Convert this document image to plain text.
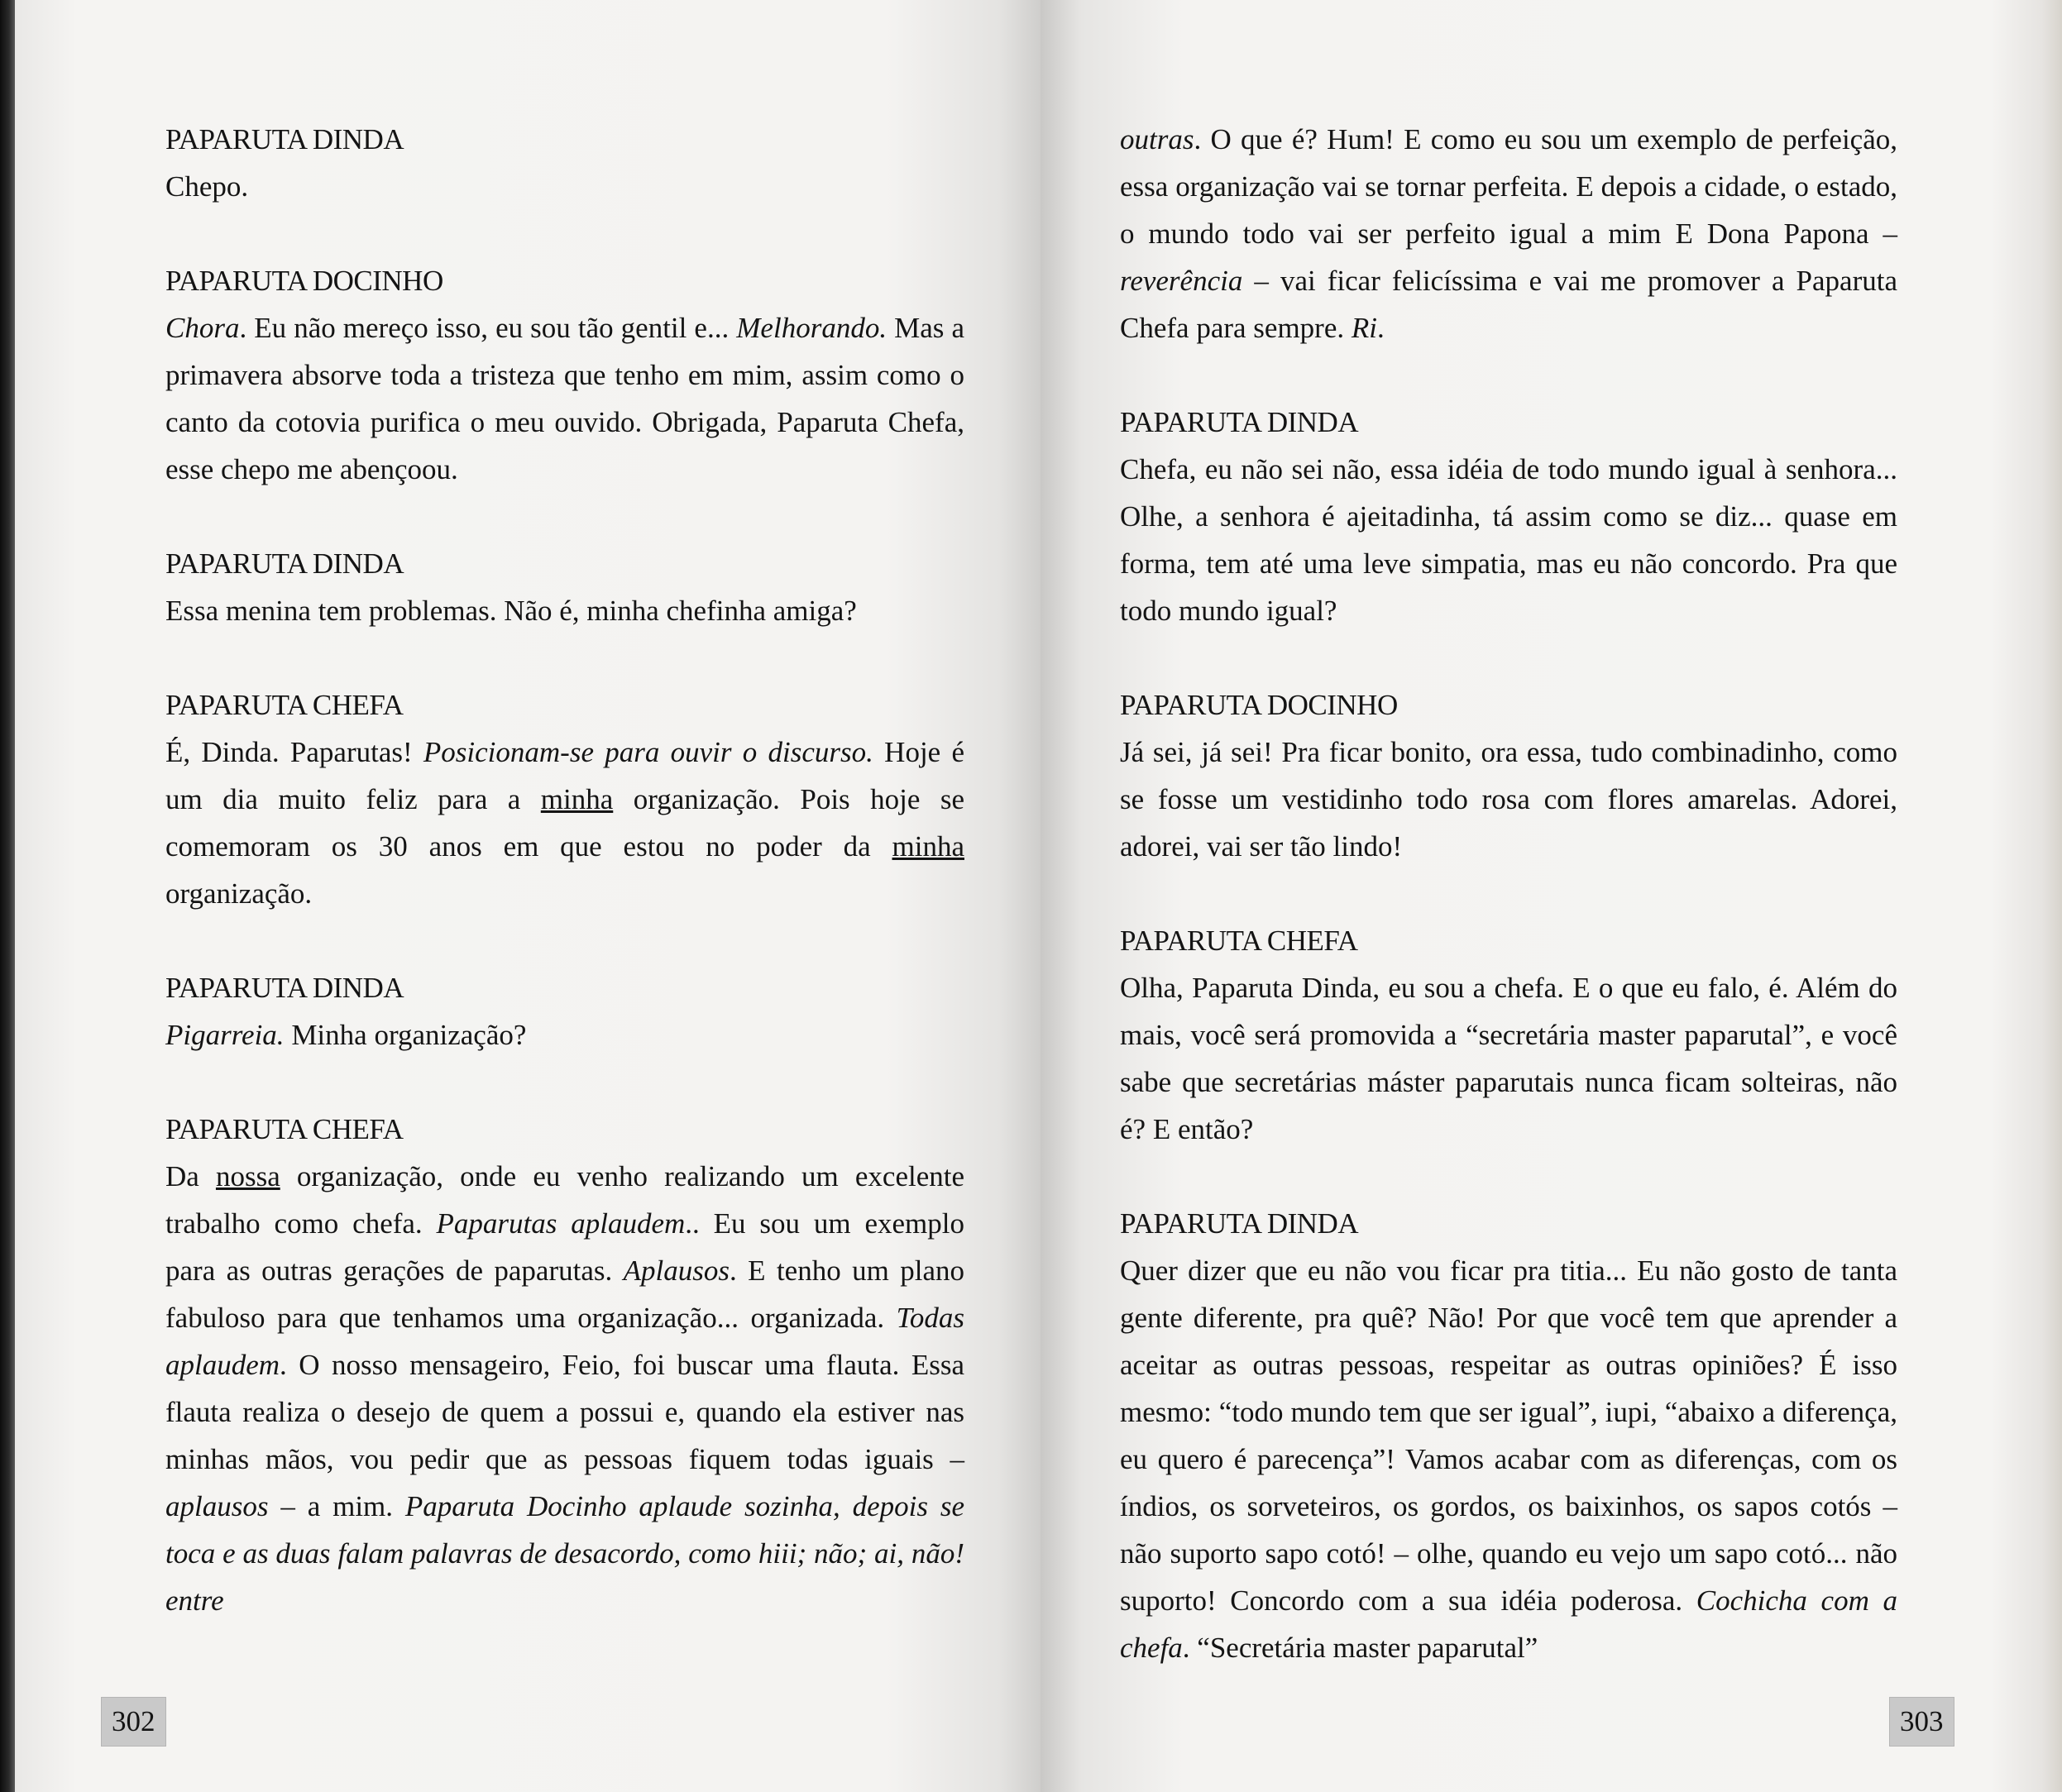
PAPARUTA DINDA

Chepo.

PAPARUTA DOCINHO

Chora. Eu não mereço isso, eu sou tão gentil e... Melhorando. Mas a primavera absorve toda a tristeza que tenho em mim, assim como o canto da cotovia purifica o meu ouvido. Obrigada, Paparuta Chefa, esse chepo me abençoou.

PAPARUTA DINDA

Essa menina tem problemas. Não é, minha chefinha amiga?

PAPARUTA CHEFA

É, Dinda. Paparutas! Posicionam-se para ouvir o discurso. Hoje é um dia muito feliz para a minha organização. Pois hoje se comemoram os 30 anos em que estou no poder da minha organização.

PAPARUTA DINDA

Pigarreia. Minha organização?

PAPARUTA CHEFA

Da nossa organização, onde eu venho realizando um excelente trabalho como chefa. Paparutas aplaudem.. Eu sou um exemplo para as outras gerações de paparutas. Aplausos. E tenho um plano fabuloso para que tenhamos uma organização... organizada. Todas aplaudem. O nosso mensageiro, Feio, foi buscar uma flauta. Essa flauta realiza o desejo de quem a possui e, quando ela estiver nas minhas mãos, vou pedir que as pessoas fiquem todas iguais – aplausos – a mim. Paparuta Docinho aplaude sozinha, depois se toca e as duas falam palavras de desacordo, como hiii; não; ai, não! entre

302

outras. O que é? Hum! E como eu sou um exemplo de perfeição, essa organização vai se tornar perfeita. E depois a cidade, o estado, o mundo todo vai ser perfeito igual a mim E Dona Papona – reverência – vai ficar felicíssima e vai me promover a Paparuta Chefa para sempre. Ri.

PAPARUTA DINDA

Chefa, eu não sei não, essa idéia de todo mundo igual à senhora... Olhe, a senhora é ajeitadinha, tá assim como se diz... quase em forma, tem até uma leve simpatia, mas eu não concordo. Pra que todo mundo igual?

PAPARUTA DOCINHO

Já sei, já sei! Pra ficar bonito, ora essa, tudo combinadinho, como se fosse um vestidinho todo rosa com flores amarelas. Adorei, adorei, vai ser tão lindo!

PAPARUTA CHEFA

Olha, Paparuta Dinda, eu sou a chefa. E o que eu falo, é. Além do mais, você será promovida a “secretária master paparutal”, e você sabe que secretárias máster paparutais nunca ficam solteiras, não é? E então?

PAPARUTA DINDA

Quer dizer que eu não vou ficar pra titia... Eu não gosto de tanta gente diferente, pra quê? Não! Por que você tem que aprender a aceitar as outras pessoas, respeitar as outras opiniões? É isso mesmo: “todo mundo tem que ser igual”, iupi, “abaixo a diferença, eu quero é parecença”! Vamos acabar com as diferenças, com os índios, os sorveteiros, os gordos, os baixinhos, os sapos cotós – não suporto sapo cotó! – olhe, quando eu vejo um sapo cotó... não suporto! Concordo com a sua idéia poderosa. Cochicha com a chefa. “Secretária master paparutal”

303
